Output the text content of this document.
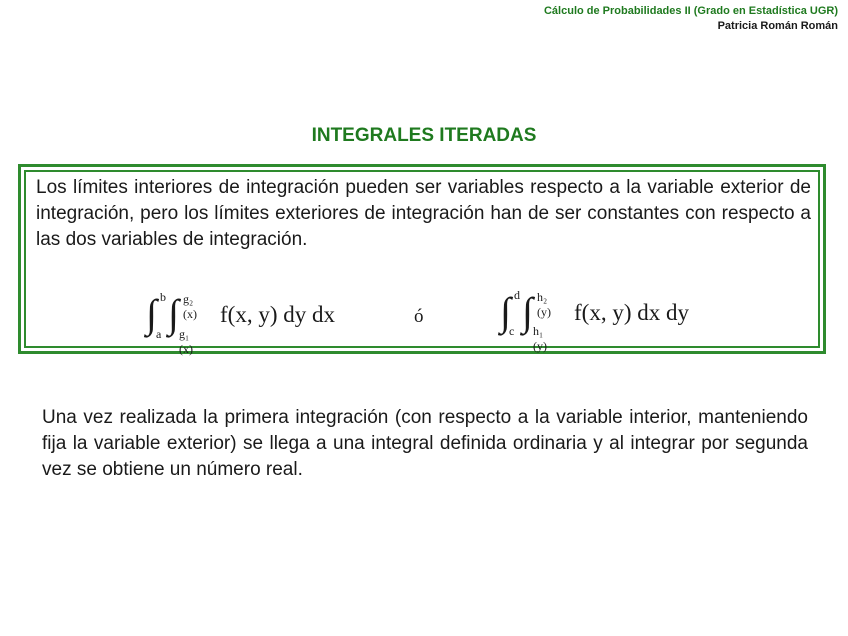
Cálculo de Probabilidades II (Grado en Estadística UGR)
Patricia Román Román
INTEGRALES ITERADAS
Los límites interiores de integración pueden ser variables respecto a la variable exterior de integración, pero los límites exteriores de integración han de ser constantes con respecto a las dos variables de integración.
∫ b
a ∫ g₂ (x)
g₁ (x)
f(x, y) dy dx	ó ∫ d
c ∫ h₂ (y)
h₁ (y)
f(x, y) dx dy
Una vez realizada la primera integración (con respecto a la variable interior, manteniendo fija la variable exterior) se llega a una integral definida ordinaria y al integrar por segunda vez se obtiene un número real.
